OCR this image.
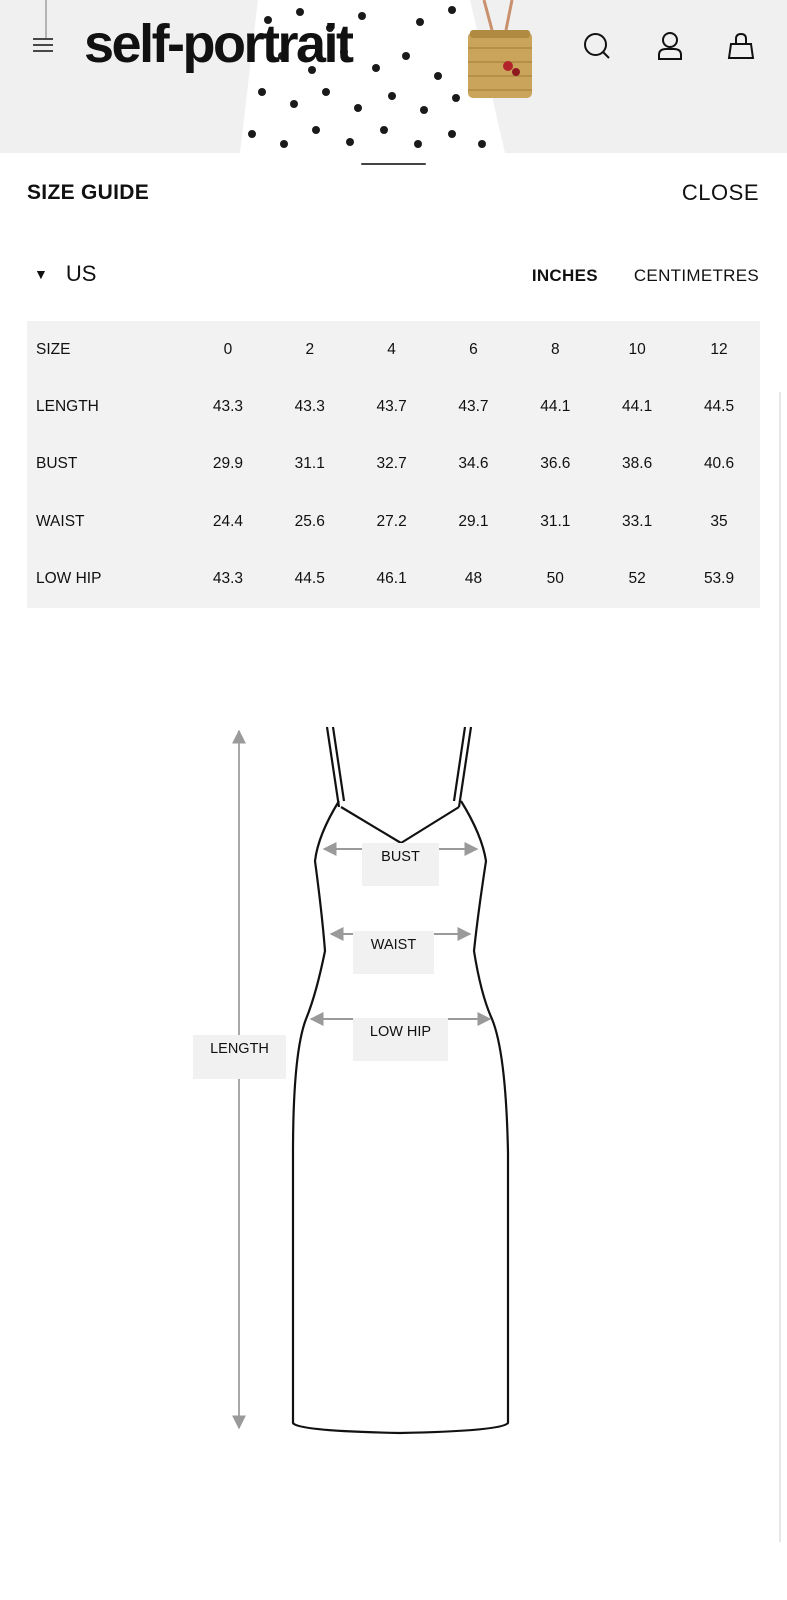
self-portrait
SIZE GUIDE	CLOSE
▼ US	INCHES CENTIMETRES
SIZE	0	2	4	6	8	10	12
LENGTH	43.3	43.3	43.7	43.7	44.1	44.1	44.5
BUST	29.9	31.1	32.7	34.6	36.6	38.6	40.6
WAIST	24.4	25.6	27.2	29.1	31.1	33.1	35
LOW HIP	43.3	44.5	46.1	48	50	52	53.9
BUST
WAIST
LOW HIP
LENGTH
